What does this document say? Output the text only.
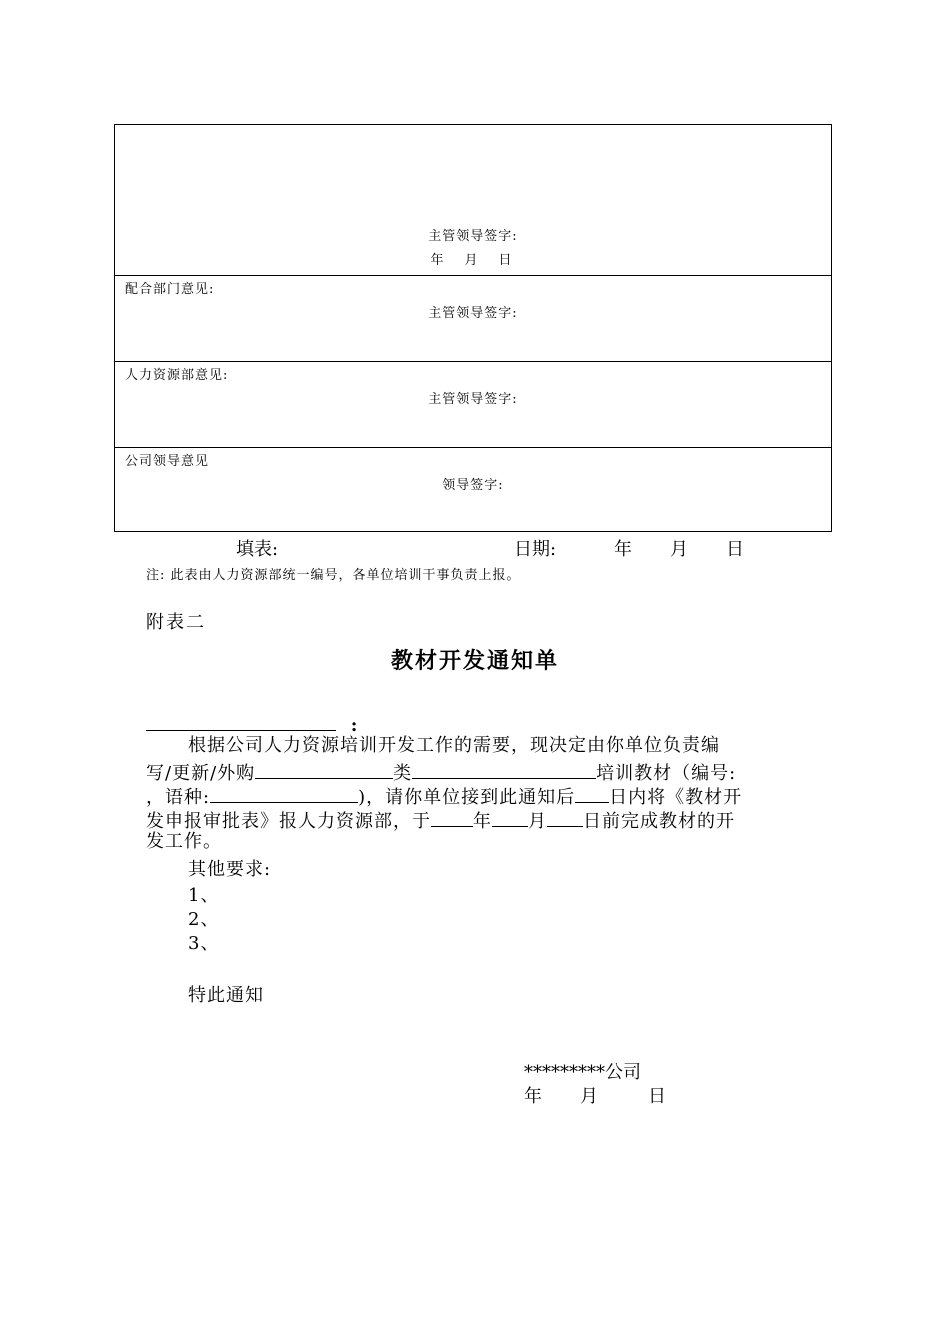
主管领导签字:
年　月　日
配合部门意见:
主管领导签字:
人力资源部意见:
主管领导签字:
公司领导意见
领导签字:
填表:	日期:	年 月 日
注: 此表由人力资源部统一编号，各单位培训干事负责上报。
附表二
教材开发通知单
:
根据公司人力资源培训开发工作的需要，现决定由你单位负责编
写/更新/外购	类	培训教材（编号:
，语种:	)，请你单位接到此通知后 日内将《教材开
发申报审批表》报人力资源部，于 年 月 日前完成教材的开
发工作。
其他要求:
1、
2、
3、
特此通知
*********公司
年 月	日
